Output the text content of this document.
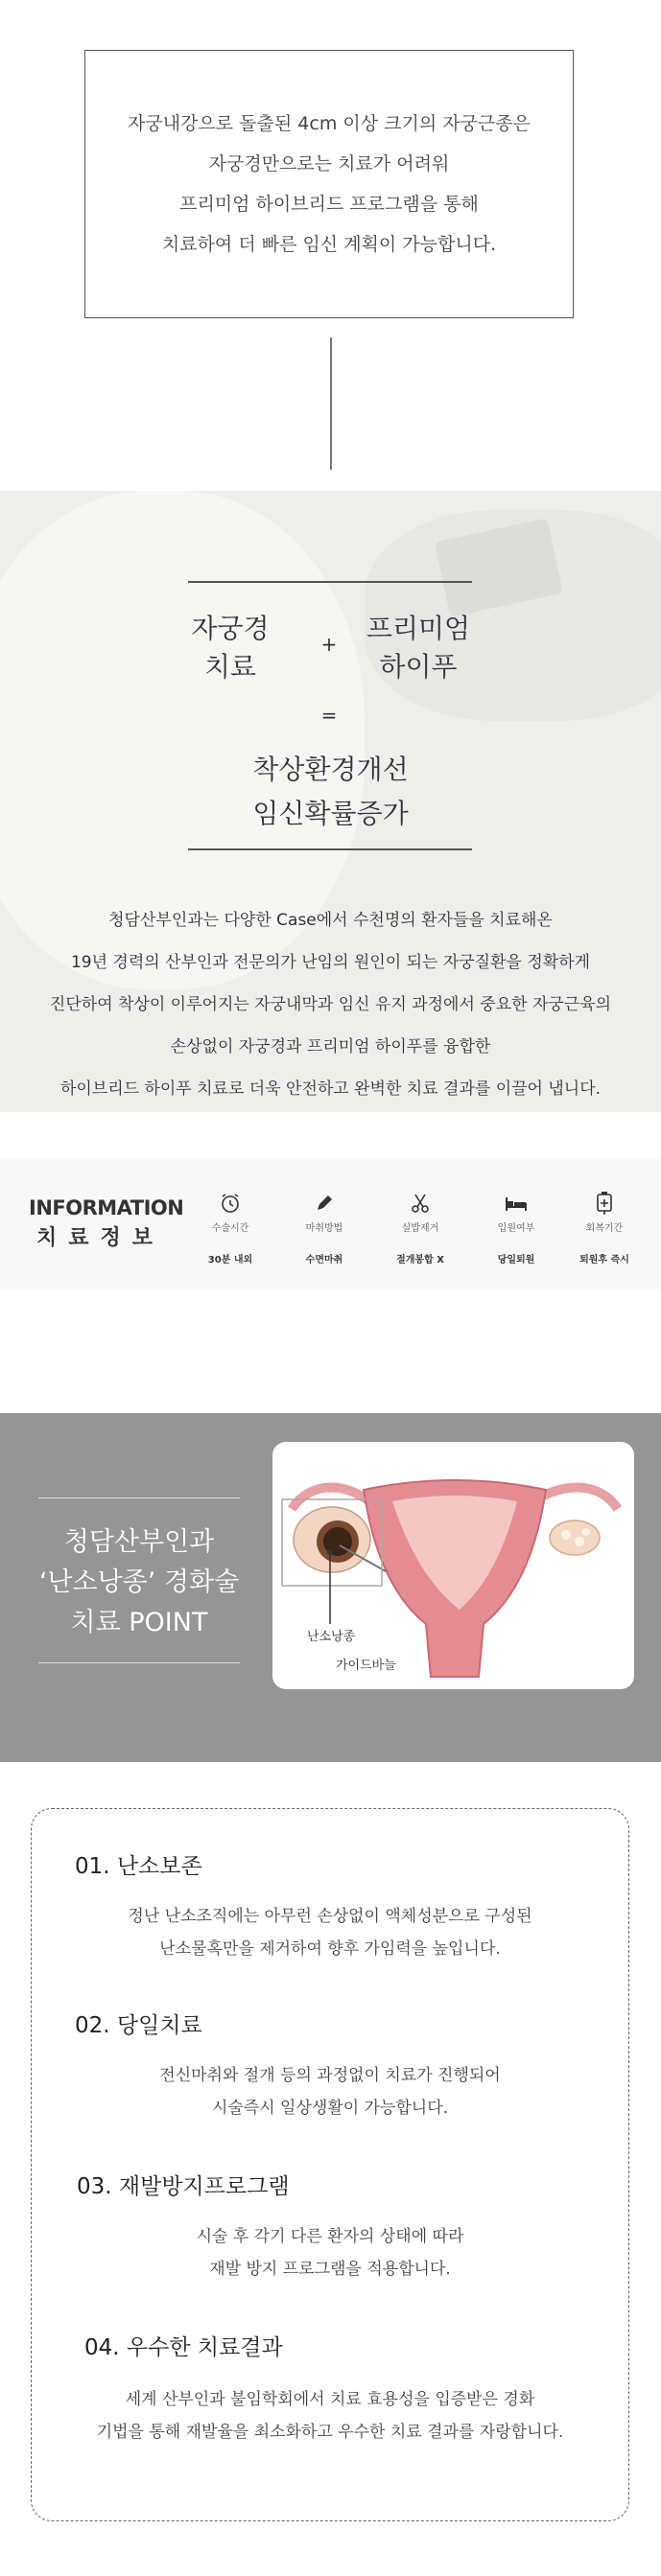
자궁내강으로 돌출된 4cm 이상 크기의 자궁근종은
자궁경만으로는 치료가 어려워
프리미엄 하이브리드 프로그램을 통해
치료하여 더 빠른 임신 계획이 가능합니다.
자궁경
치료
+	프리미엄
하이푸
=
착상환경개선
임신확률증가
청담산부인과는 다양한 Case에서 수천명의 환자들을 치료해온
19년 경력의 산부인과 전문의가 난임의 원인이 되는 자궁질환을 정확하게
진단하여 착상이 이루어지는 자궁내막과 임신 유지 과정에서 중요한 자궁근육의
손상없이 자궁경과 프리미엄 하이푸를 융합한
하이브리드 하이푸 치료로 더욱 안전하고 완벽한 치료 결과를 이끌어 냅니다.
INFORMATION
치료정보	수술시간
30분 내외
마취방법
수면마취
실밥제거
절개봉합 X
입원여부
당일퇴원
회복기간
퇴원후 즉시
청담산부인과
‘난소낭종’ 경화술
치료 POINT	난소낭종
가이드바늘
01. 난소보존
정난 난소조직에는 아무런 손상없이 액체성분으로 구성된
난소물혹만을 제거하여 향후 가임력을 높입니다.
02. 당일치료
전신마취와 절개 등의 과정없이 치료가 진행되어
시술즉시 일상생활이 가능합니다.
03. 재발방지프로그램
시술 후 각기 다른 환자의 상태에 따라
재발 방지 프로그램을 적용합니다.
04. 우수한 치료결과
세계 산부인과 불임학회에서 치료 효용성을 입증받은 경화
기법을 통해 재발율을 최소화하고 우수한 치료 결과를 자랑합니다.
